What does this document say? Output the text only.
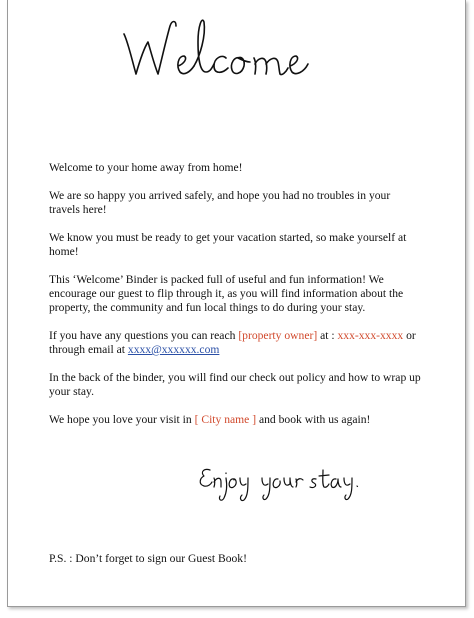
Welcome to your home away from home!

We are so happy you arrived safely, and hope you had no troubles in your travels here!

We know you must be ready to get your vacation started, so make yourself at home!

This ‘Welcome’ Binder is packed full of useful and fun information! We encourage our guest to flip through it, as you will find information about the property, the community and fun local things to do during your stay.

If you have any questions you can reach [property owner] at : xxx-xxx-xxxx or through email at xxxx@xxxxxx.com

In the back of the binder, you will find our check out policy and how to wrap up your stay.

We hope you love your visit in [ City name ] and book with us again!

P.S. : Don’t forget to sign our Guest Book!
